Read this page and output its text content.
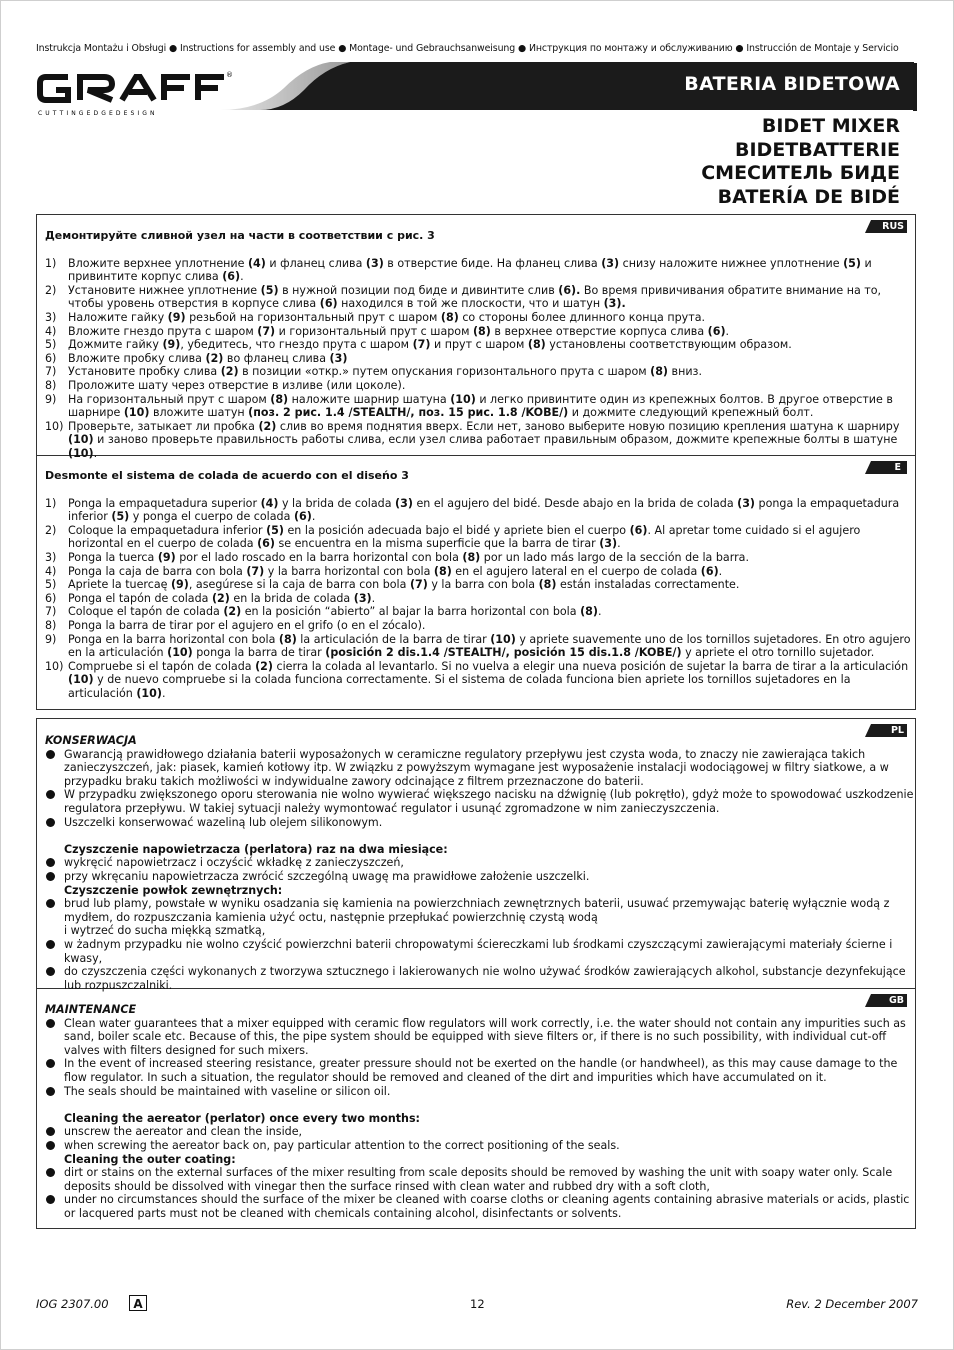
Instrukcja Montażu i Obsługi ● Instructions for assembly and use ● Montage- und Gebrauchsanweisung ● Инструкция по монтажу и обслуживанию ● Instrucción de Montaje y Servicio
®
C U T T I N G E D G E D E S I G N
BATERIA BIDETOWA
BIDET MIXER
BIDETBATTERIE
СМЕСИТЕЛЬ БИДЕ
BATERÍA DE BIDÉ
RUS
Демонтируйте сливной узел на части в соответствии с рис. 3
1) Вложите верхнее уплотнение (4) и фланец слива (3) в отверстие биде. На фланец слива (3) снизу наложите нижнее уплотнение (5) и привинтите корпус слива (6).
2) Установите нижнее уплотнение (5) в нужной позиции под биде и дивинтите слив (6). Во время привичивания обратите внимание на то, чтобы уровень отверстия в корпусе слива (6) находился в той же плоскости, что и шатун (3).
3) Наложите гайку (9) резьбой на горизонтальный прут с шаром (8) со стороны более длинного конца прута.
4) Вложите гнездо прута с шаром (7) и горизонтальный прут с шаром (8) в верхнее отверстие корпуса слива (6).
5) Дожмите гайку (9), убедитесь, что гнездо прута с шаром (7) и прут с шаром (8) установлены соответствующим образом.
6) Вложите пробку слива (2) во фланец слива (3)
7) Установите пробку слива (2) в позиции «откр.» путем опускания горизонтального прута с шаром (8) вниз.
8) Проложите шату через отверстие в изливе (или цоколе).
9) На горизонтальный прут с шаром (8) наложите шарнир шатуна (10) и легко привинтите один из крепежных болтов. В другое отверстие в шарнире (10) вложите шатун (поз. 2 рис. 1.4 /STEALTH/, поз. 15 рис. 1.8 /KOBE/) и дожмите следующий крепежный болт.
10) Проверьте, затыкает ли пробка (2) слив во время поднятия вверх. Если нет, заново выберите новую позицию крепления шатуна к шарниру (10) и заново проверьте правильность работы слива, если узел слива работает правильным образом, дожмите крепежные болты в шатуне (10).
E
Desmonte el sistema de colada de acuerdo con el diseńo 3
1) Ponga la empaquetadura superior (4) y la brida de colada (3) en el agujero del bidé. Desde abajo en la brida de colada (3) ponga la empaquetadura inferior (5) y ponga el cuerpo de colada (6).
2) Coloque la empaquetadura inferior (5) en la posición adecuada bajo el bidé y apriete bien el cuerpo (6). Al apretar tome cuidado si el agujero horizontal en el cuerpo de colada (6) se encuentra en la misma superficie que la barra de tirar (3).
3) Ponga la tuerca (9) por el lado roscado en la barra horizontal con bola (8) por un lado más largo de la sección de la barra.
4) Ponga la caja de barra con bola (7) y la barra horizontal con bola (8) en el agujero lateral en el cuerpo de colada (6).
5) Apriete la tuercaę (9), asegúrese si la caja de barra con bola (7) y la barra con bola (8) están instaladas correctamente.
6) Ponga el tapón de colada (2) en la brida de colada (3).
7) Coloque el tapón de colada (2) en la posición “abierto” al bajar la barra horizontal con bola (8).
8) Ponga la barra de tirar por el agujero en el grifo (o en el zócalo).
9) Ponga en la barra horizontal con bola (8) la articulación de la barra de tirar (10) y apriete suavemente uno de los tornillos sujetadores. En otro agujero en la articulación (10) ponga la barra de tirar (posición 2 dis.1.4 /STEALTH/, posición 15 dis.1.8 /KOBE/) y apriete el otro tornillo sujetador.
10) Compruebe si el tapón de colada (2) cierra la colada al levantarlo. Si no vuelva a elegir una nueva posición de sujetar la barra de tirar a la articulación (10) y de nuevo compruebe si la colada funciona correctamente. Si el sistema de colada funciona bien apriete los tornillos sujetadores en la articulación (10).
PL
KONSERWACJA
Gwarancją prawidłowego działania baterii wyposażonych w ceramiczne regulatory przepływu jest czysta woda, to znaczy nie zawierająca takich zanieczyszczeń, jak: piasek, kamień kotłowy itp. W związku z powyższym wymagane jest wyposażenie instalacji wodociągowej w filtry siatkowe, a w przypadku braku takich możliwości w indywidualne zawory odcinające z filtrem przeznaczone do baterii.
W przypadku zwiększonego oporu sterowania nie wolno wywierać większego nacisku na dźwignię (lub pokrętło), gdyż może to spowodować uszkodzenie regulatora przepływu. W takiej sytuacji należy wymontować regulator i usunąć zgromadzone w nim zanieczyszczenia.
Uszczelki konserwować wazeliną lub olejem silikonowym.
Czyszczenie napowietrzacza (perlatora) raz na dwa miesiące:
wykręcić napowietrzacz i oczyścić wkładkę z zanieczyszczeń,
przy wkręcaniu napowietrzacza zwrócić szczególną uwagę ma prawidłowe założenie uszczelki.
Czyszczenie powłok zewnętrznych:
brud lub plamy, powstałe w wyniku osadzania się kamienia na powierzchniach zewnętrznych baterii, usuwać przemywając baterię wyłącznie wodą z mydłem, do rozpuszczania kamienia użyć octu, następnie przepłukać powierzchnię czystą wodą
i wytrzeć do sucha miękką szmatką,
w żadnym przypadku nie wolno czyścić powierzchni baterii chropowatymi ściereczkami lub środkami czyszczącymi zawierającymi materiały ścierne i kwasy,
do czyszczenia części wykonanych z tworzywa sztucznego i lakierowanych nie wolno używać środków zawierających alkohol, substancje dezynfekujące lub rozpuszczalniki.
GB
MAINTENANCE
Clean water guarantees that a mixer equipped with ceramic flow regulators will work correctly, i.e. the water should not contain any impurities such as sand, boiler scale etc. Because of this, the pipe system should be equipped with sieve filters or, if there is no such possibility, with individual cut-off valves with filters designed for such mixers.
In the event of increased steering resistance, greater pressure should not be exerted on the handle (or handwheel), as this may cause damage to the flow regulator. In such a situation, the regulator should be removed and cleaned of the dirt and impurities which have accumulated on it.
The seals should be maintained with vaseline or silicon oil.
Cleaning the aereator (perlator) once every two months:
unscrew the aereator and clean the inside,
when screwing the aereator back on, pay particular attention to the correct positioning of the seals.
Cleaning the outer coating:
dirt or stains on the external surfaces of the mixer resulting from scale deposits should be removed by washing the unit with soapy water only. Scale deposits should be dissolved with vinegar then the surface rinsed with clean water and rubbed dry with a soft cloth,
under no circumstances should the surface of the mixer be cleaned with coarse cloths or cleaning agents containing abrasive materials or acids, plastic or lacquered parts must not be cleaned with chemicals containing alcohol, disinfectants or solvents.
IOG 2307.00	A	12	Rev. 2 December 2007
